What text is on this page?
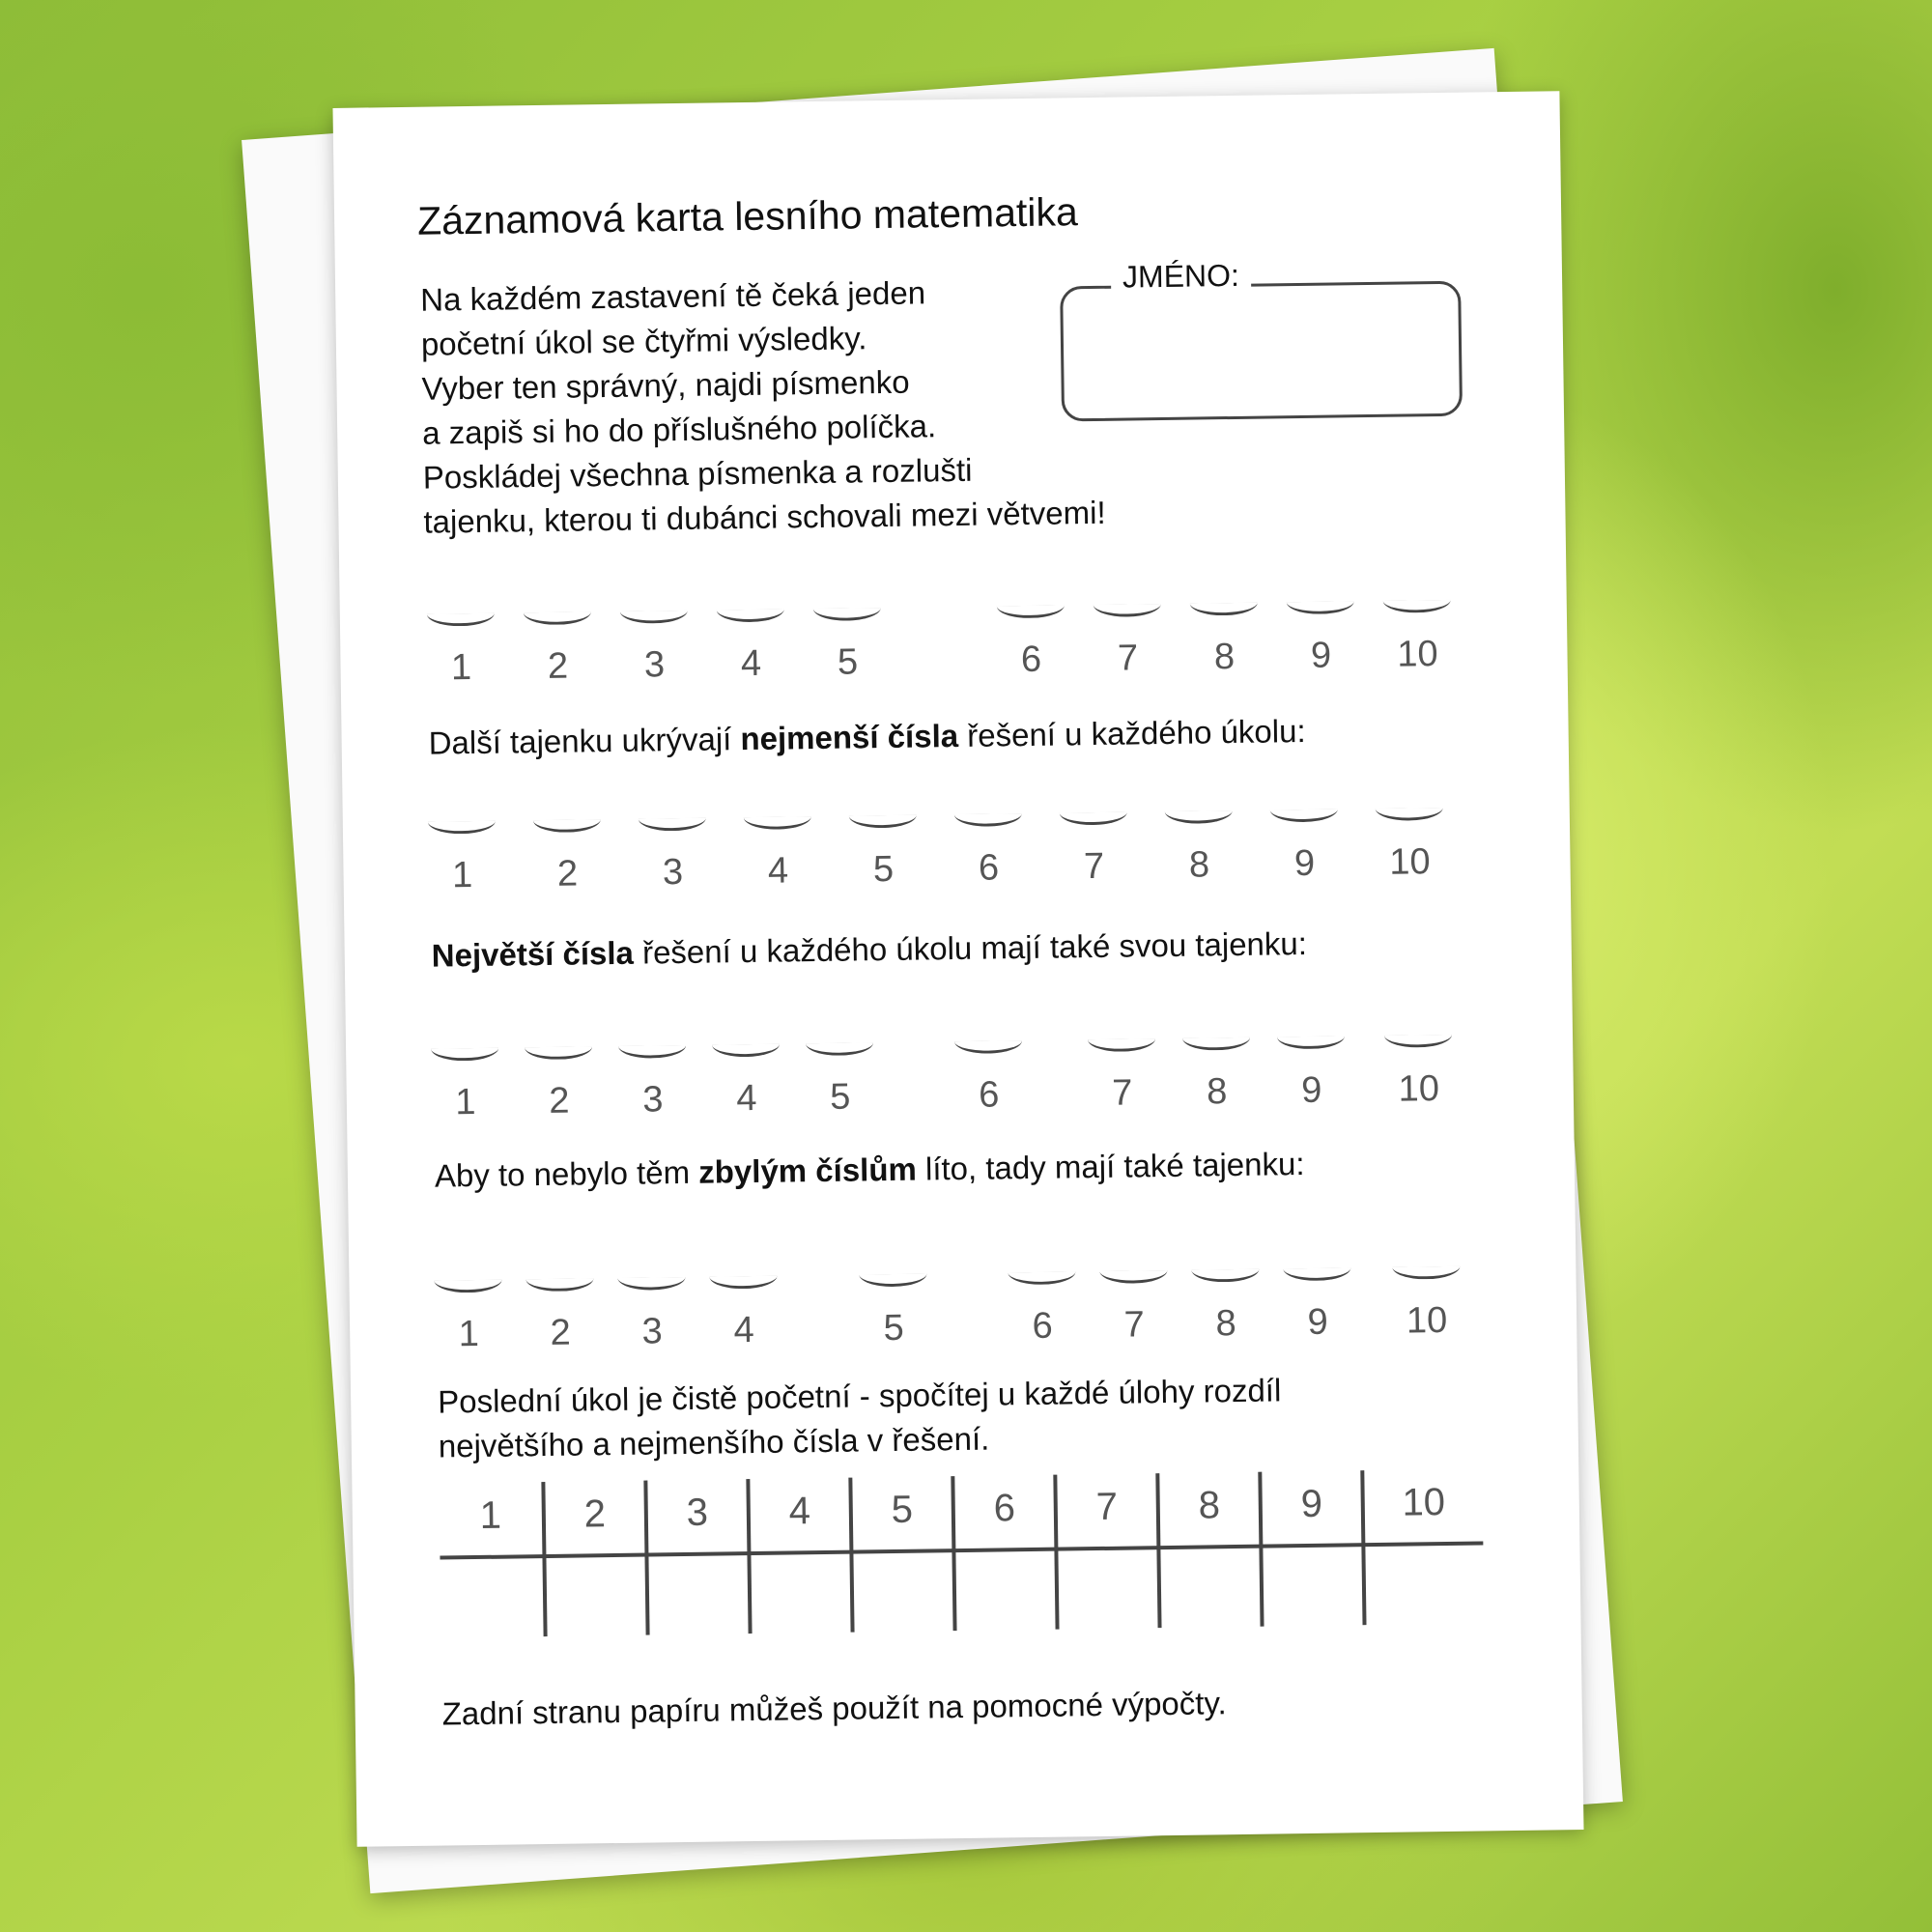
Záznamová karta lesního matematika
Na každém zastavení tě čeká jeden
početní úkol se čtyřmi výsledky.
Vyber ten správný, najdi písmenko
a zapiš si ho do příslušného políčka.
Poskládej všechna písmenka a rozlušti
tajenku, kterou ti dubánci schovali mezi větvemi!
JMÉNO:
1	2	3	4	5	6	7	8	9	10
Další tajenku ukrývají nejmenší čísla řešení u každého úkolu:
1	2	3	4	5	6	7	8	9	10
Největší čísla řešení u každého úkolu mají také svou tajenku:
1	2	3	4	5	6	7	8	9	10
Aby to nebylo těm zbylým číslům líto, tady mají také tajenku:
1	2	3	4	5	6	7	8	9	10
Poslední úkol je čistě početní - spočítej u každé úlohy rozdíl
největšího a nejmenšího čísla v řešení.
1	2	3	4	5	6	7	8	9	10
Zadní stranu papíru můžeš použít na pomocné výpočty.
